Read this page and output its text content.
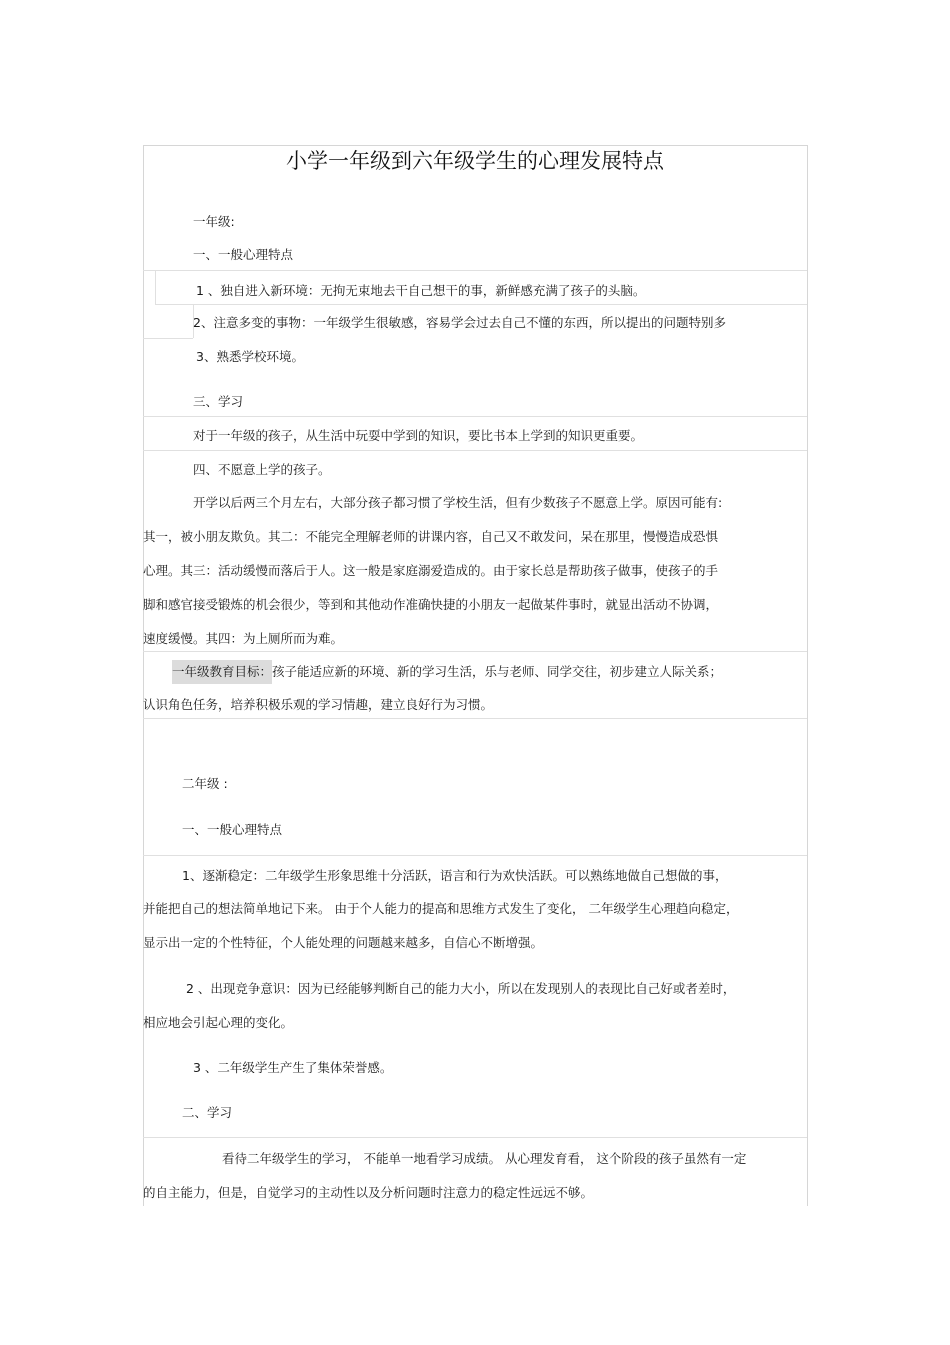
小学一年级到六年级学生的心理发展特点
一年级:
一、一般心理特点
1 、独自进入新环境：无拘无束地去干自己想干的事，新鲜感充满了孩子的头脑。
2、注意多变的事物：一年级学生很敏感，容易学会过去自己不懂的东西，所以提出的问题特别多
3、熟悉学校环境。
三、学习
对于一年级的孩子，从生活中玩耍中学到的知识，要比书本上学到的知识更重要。
四、不愿意上学的孩子。
开学以后两三个月左右，大部分孩子都习惯了学校生活，但有少数孩子不愿意上学。原因可能有:
其一，被小朋友欺负。其二：不能完全理解老师的讲课内容，自己又不敢发问，呆在那里，慢慢造成恐惧
心理。其三：活动缓慢而落后于人。这一般是家庭溺爱造成的。由于家长总是帮助孩子做事，使孩子的手
脚和感官接受锻炼的机会很少，等到和其他动作准确快捷的小朋友一起做某件事时，就显出活动不协调，
速度缓慢。其四：为上厕所而为难。
一年级教育目标：孩子能适应新的环境、新的学习生活，乐与老师、同学交往，初步建立人际关系；
认识角色任务，培养积极乐观的学习情趣，建立良好行为习惯。
二年级 :
一、一般心理特点
1、逐渐稳定：二年级学生形象思维十分活跃，语言和行为欢快活跃。可以熟练地做自己想做的事，
并能把自己的想法简单地记下来。 由于个人能力的提高和思维方式发生了变化， 二年级学生心理趋向稳定，
显示出一定的个性特征，个人能处理的问题越来越多，自信心不断增强。
2 、出现竞争意识：因为已经能够判断自己的能力大小，所以在发现别人的表现比自己好或者差时，
相应地会引起心理的变化。
3 、二年级学生产生了集体荣誉感。
二、学习
看待二年级学生的学习， 不能单一地看学习成绩。 从心理发育看， 这个阶段的孩子虽然有一定
的自主能力，但是，自觉学习的主动性以及分析问题时注意力的稳定性远远不够。
